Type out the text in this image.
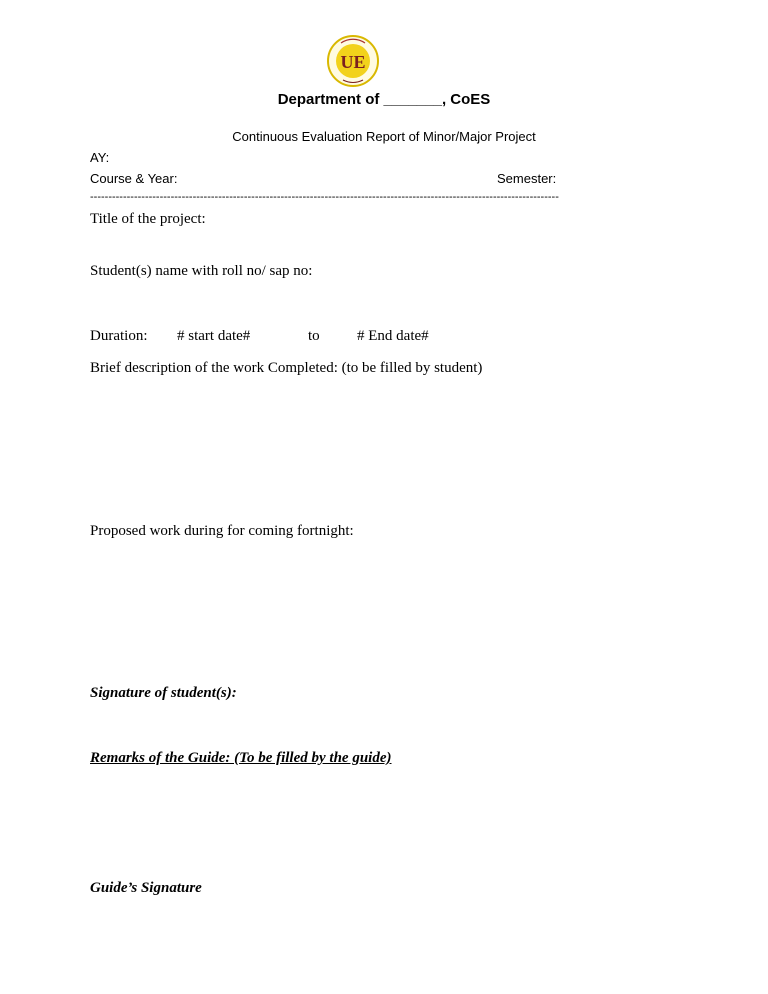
UE
Department of _______, CoES
Continuous Evaluation Report of Minor/Major Project
AY:
Course & Year:	Semester:
--------------------------------------------------------------------------------------------------------------------------------
Title of the project:
Student(s) name with roll no/ sap no:
Duration: # start date#	to # End date#
Brief description of the work Completed: (to be filled by student)
Proposed work during for coming fortnight:
Signature of student(s):
Remarks of the Guide: (To be filled by the guide)
Guide’s Signature
